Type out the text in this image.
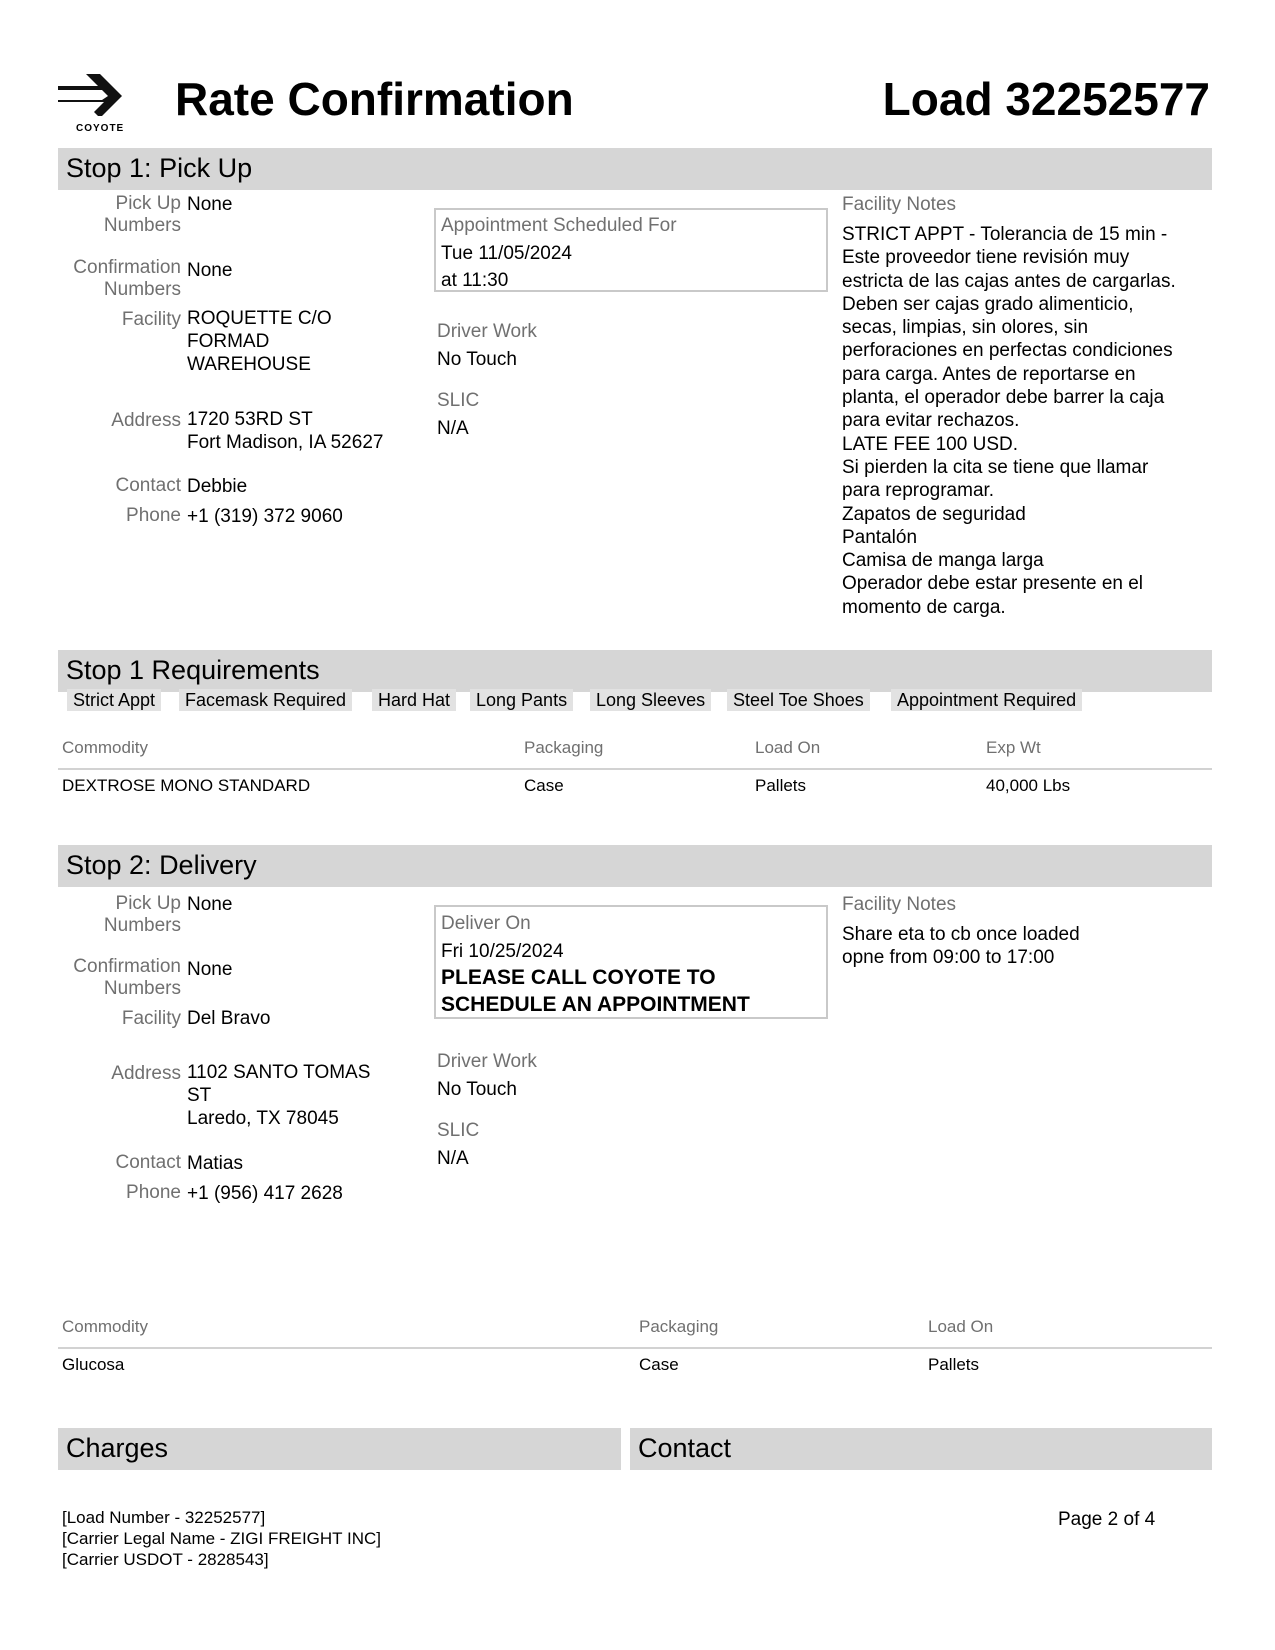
COYOTE
Rate Confirmation	Load 32252577
Stop 1: Pick Up
Pick Up
Numbers
None
Confirmation
Numbers
None
Facility ROQUETTE C/O
FORMAD
WAREHOUSE
Address 1720 53RD ST
Fort Madison, IA 52627
Contact Debbie
Phone +1 (319) 372 9060
Appointment Scheduled For
Tue 11/05/2024
at 11:30
Driver Work
No Touch
SLIC
N/A
Facility Notes
STRICT APPT - Tolerancia de 15 min -
Este proveedor tiene revisión muy
estricta de las cajas antes de cargarlas.
Deben ser cajas grado alimenticio,
secas, limpias, sin olores, sin
perforaciones en perfectas condiciones
para carga. Antes de reportarse en
planta, el operador debe barrer la caja
para evitar rechazos.
LATE FEE 100 USD.
Si pierden la cita se tiene que llamar
para reprogramar.
Zapatos de seguridad
Pantalón
Camisa de manga larga
Operador debe estar presente en el
momento de carga.
Stop 1 Requirements
Strict Appt	Facemask Required	Hard Hat	Long Pants	Long Sleeves	Steel Toe Shoes	Appointment Required
Commodity	Packaging	Load On	Exp Wt
DEXTROSE MONO STANDARD	Case	Pallets	40,000 Lbs
Stop 2: Delivery
Pick Up
Numbers
None
Confirmation
Numbers
None
Facility Del Bravo
Address 1102 SANTO TOMAS
ST
Laredo, TX 78045
Contact Matias
Phone +1 (956) 417 2628
Deliver On
Fri 10/25/2024
PLEASE CALL COYOTE TO
SCHEDULE AN APPOINTMENT
Driver Work
No Touch
SLIC
N/A
Facility Notes
Share eta to cb once loaded
opne from 09:00 to 17:00
Commodity	Packaging	Load On
Glucosa	Case	Pallets
Charges	Contact
[Load Number - 32252577]
[Carrier Legal Name - ZIGI FREIGHT INC]
[Carrier USDOT - 2828543]
Page 2 of 4
